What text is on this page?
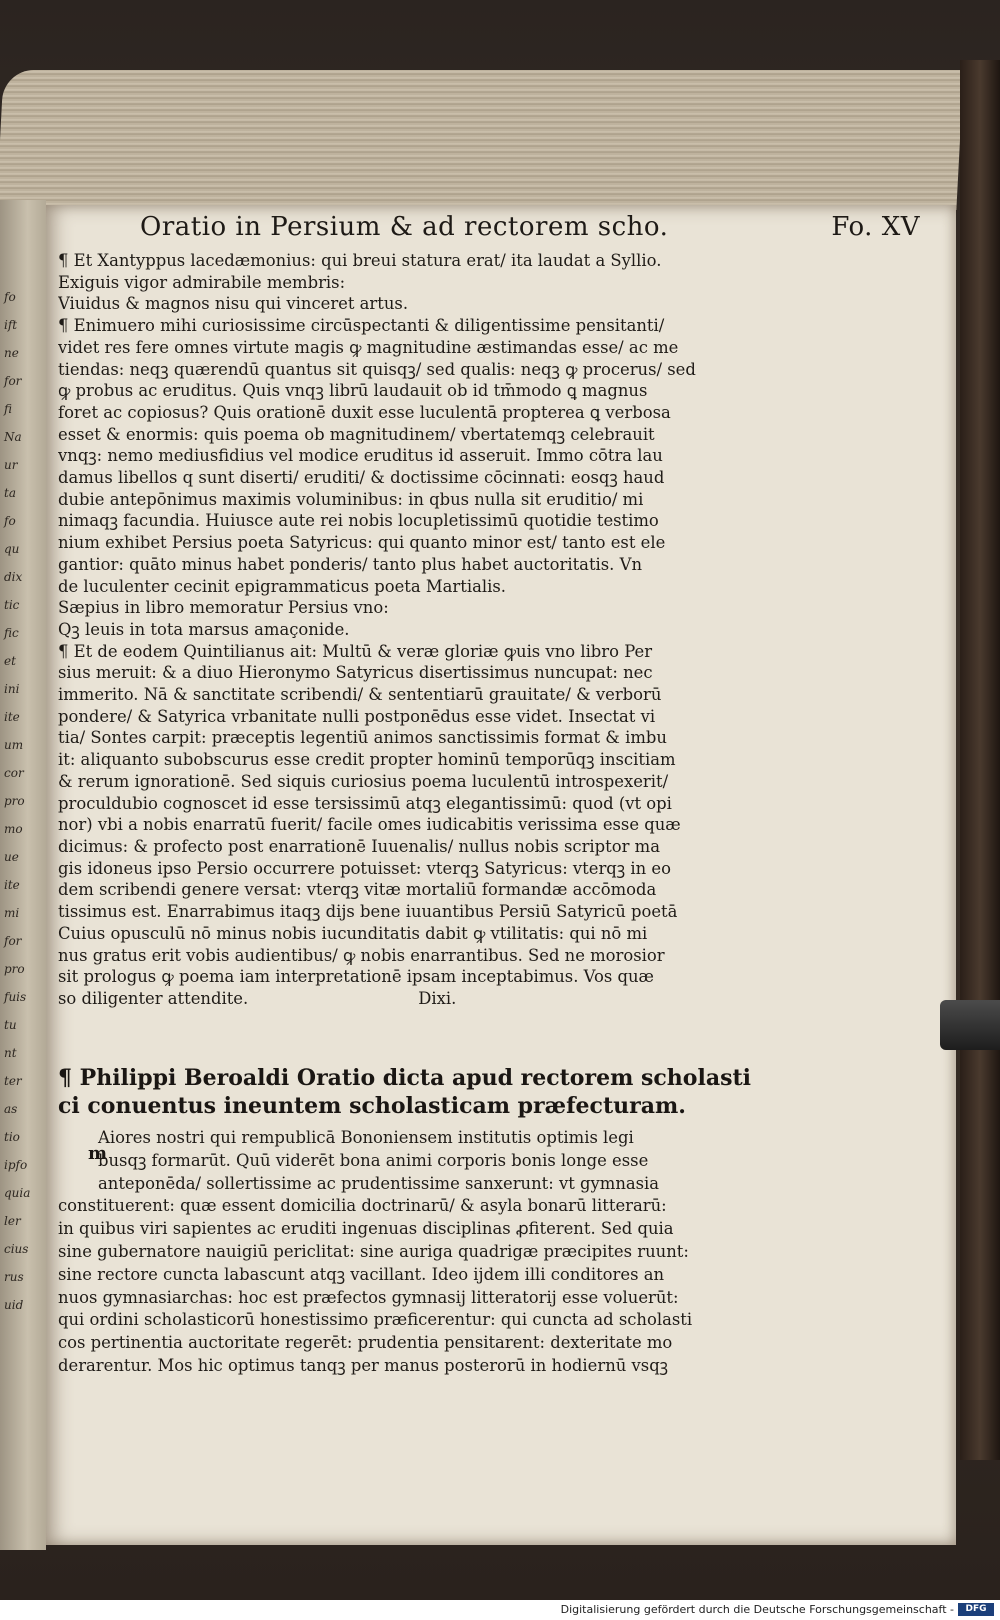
fo
ift
ne
for
fi
Na
ur
ta
fo
qu
dix
tic
fic
et
ini
ite
um
cor
pro
mo
ue
ite
mi
for
pro
fuis
tu
nt
ter
as
tio
ipfo
quia
ler
cius
rus
uid
Oratio in Persium & ad rectorem scho.	Fo. XV
¶ Et Xantyppus lacedæmonius: qui breui statura erat/ ita laudat a Syllio.
Exiguis vigor admirabile membris:
Viuidus & magnos nisu qui vinceret artus.
¶ Enimuero mihi curiosissime circūspectanti & diligentissime pensitanti/
videt res fere omnes virtute magis ꝙ magnitudine æstimandas esse/ ac me
tiendas: neqꝫ quærendū quantus sit quisqꝫ/ sed qualis: neqꝫ ꝙ procerus/ sed
ꝙ probus ac eruditus. Quis vnqꝫ librū laudauit ob id tm̄modo ꝗ magnus
foret ac copiosus? Quis orationē duxit esse luculentā propterea ꝗ verbosa
esset & enormis: quis poema ob magnitudinem/ vbertatemqꝫ celebrauit
vnqꝫ: nemo mediusfidius vel modice eruditus id asseruit. Immo cōtra lau
damus libellos q sunt diserti/ eruditi/ & doctissime cōcinnati: eosqꝫ haud
dubie antepōnimus maximis voluminibus: in qbus nulla sit eruditio/ mi
nimaqꝫ facundia. Huiusce aute rei nobis locupletissimū quotidie testimo
nium exhibet Persius poeta Satyricus: qui quanto minor est/ tanto est ele
gantior: quāto minus habet ponderis/ tanto plus habet auctoritatis. Vn
de luculenter cecinit epigrammaticus poeta Martialis.
Sæpius in libro memoratur Persius vno:
Qꝫ leuis in tota marsus amaçonide.
¶ Et de eodem Quintilianus ait: Multū & veræ gloriæ ꝙuis vno libro Per
sius meruit: & a diuo Hieronymo Satyricus disertissimus nuncupat: nec
immerito. Nā & sanctitate scribendi/ & sententiarū grauitate/ & verborū
pondere/ & Satyrica vrbanitate nulli postponēdus esse videt. Insectat vi
tia/ Sontes carpit: præceptis legentiū animos sanctissimis format & imbu
it: aliquanto subobscurus esse credit propter hominū temporūqꝫ inscitiam
& rerum ignorationē. Sed siquis curiosius poema luculentū introspexerit/
proculdubio cognoscet id esse tersissimū atqꝫ elegantissimū: quod (vt opi
nor) vbi a nobis enarratū fuerit/ facile omes iudicabitis verissima esse quæ
dicimus: & profecto post enarrationē Iuuenalis/ nullus nobis scriptor ma
gis idoneus ipso Persio occurrere potuisset: vterqꝫ Satyricus: vterqꝫ in eo
dem scribendi genere versat: vterqꝫ vitæ mortaliū formandæ accōmoda
tissimus est. Enarrabimus itaqꝫ dijs bene iuuantibus Persiū Satyricū poetā
Cuius opusculū nō minus nobis iucunditatis dabit ꝙ vtilitatis: qui nō mi
nus gratus erit vobis audientibus/ ꝙ nobis enarrantibus. Sed ne morosior
sit prologus ꝙ poema iam interpretationē ipsam inceptabimus. Vos quæ
so diligenter attendite.	Dixi.
¶ Philippi Beroaldi Oratio dicta apud rectorem scholasti
ci conuentus ineuntem scholasticam præfecturam.
m
Aiores nostri qui rempublicā Bononiensem institutis optimis legi
busqꝫ formarūt. Quū viderēt bona animi corporis bonis longe esse
anteponēda/ sollertissime ac prudentissime sanxerunt: vt gymnasia
constituerent: quæ essent domicilia doctrinarū/ & asyla bonarū litterarū:
in quibus viri sapientes ac eruditi ingenuas disciplinas ꝓfiterent. Sed quia
sine gubernatore nauigiū periclitat: sine auriga quadrigæ præcipites ruunt:
sine rectore cuncta labascunt atqꝫ vacillant. Ideo ijdem illi conditores an
nuos gymnasiarchas: hoc est præfectos gymnasij litteratorij esse voluerūt:
qui ordini scholasticorū honestissimo præficerentur: qui cuncta ad scholasti
cos pertinentia auctoritate regerēt: prudentia pensitarent: dexteritate mo
derarentur. Mos hic optimus tanqꝫ per manus posterorū in hodiernū vsqꝫ
Digitalisierung gefördert durch die Deutsche Forschungsgemeinschaft -	DFG
